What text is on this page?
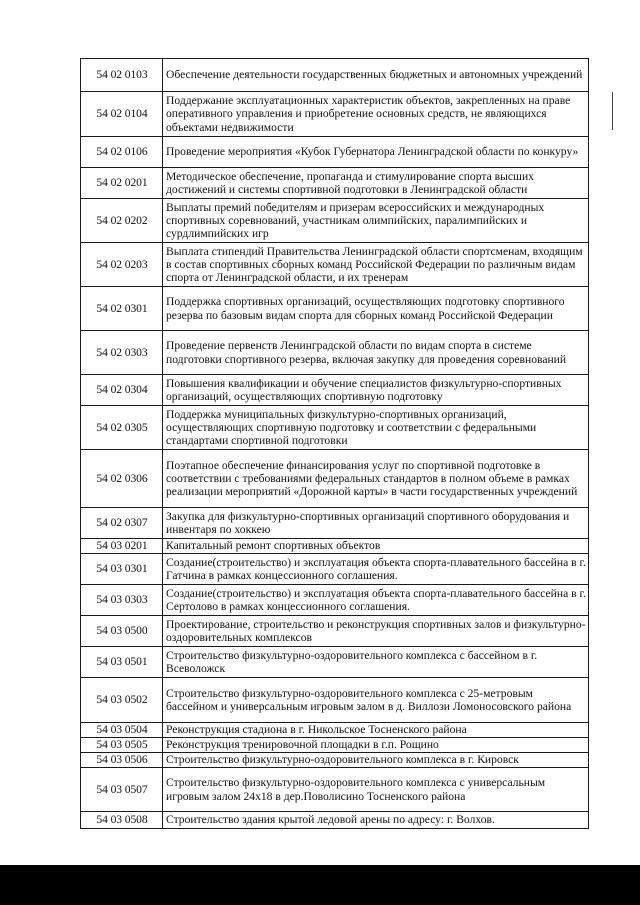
54 02 0103	Обеспечение деятельности государственных бюджетных и автономных учреждений
54 02 0104	Поддержание эксплуатационных характеристик объектов, закрепленных на праве оперативного управления и приобретение основных средств, не являющихся объектами недвижимости
54 02 0106	Проведение мероприятия «Кубок Губернатора Ленинградской области по конкуру»
54 02 0201	Методическое обеспечение, пропаганда и стимулирование спорта высших достижений и системы спортивной подготовки в Ленинградской области
54 02 0202	Выплаты премий победителям и призерам всероссийских и международных спортивных соревнований, участникам олимпийских, паралимпийских и сурдлимпийских игр
54 02 0203	Выплата стипендий Правительства Ленинградской области спортсменам, входящим в состав спортивных сборных команд Российской Федерации по различным видам спорта от Ленинградской области, и их тренерам
54 02 0301	Поддержка спортивных организаций, осуществляющих подготовку спортивного резерва по базовым видам спорта для сборных команд Российской Федерации
54 02 0303	Проведение первенств Ленинградской области по видам спорта в системе подготовки спортивного резерва, включая закупку для проведения соревнований
54 02 0304	Повышения квалификации и обучение специалистов физкультурно-спортивных организаций, осуществляющих спортивную подготовку
54 02 0305	Поддержка муниципальных физкультурно-спортивных организаций, осуществляющих спортивную подготовку и соответствии с федеральными стандартами спортивной подготовки
54 02 0306	Поэтапное обеспечение финансирования услуг по спортивной подготовке в соответствии с требованиями федеральных стандартов в полном объеме в рамках реализации мероприятий «Дорожной карты» в части государственных учреждений
54 02 0307	Закупка для физкультурно-спортивных организаций спортивного оборудования и инвентаря по хоккею
54 03 0201	Капитальный ремонт спортивных объектов
54 03 0301	Создание(строительство) и эксплуатация объекта спорта-плавательного бассейна в г. Гатчина в рамках концессионного соглашения.
54 03 0303	Создание(строительство) и эксплуатация объекта спорта-плавательного бассейна в г. Сертолово в рамках концессионного соглашения.
54 03 0500	Проектирование, строительство и реконструкция спортивных залов и физкультурно-оздоровительных комплексов
54 03 0501	Строительство физкультурно-оздоровительного комплекса с бассейном в г. Всеволожск
54 03 0502	Строительство физкультурно-оздоровительного комплекса с 25-метровым бассейном и универсальным игровым залом в д. Виллози Ломоносовского района
54 03 0504	Реконструкция стадиона в г. Никольское Тосненского района
54 03 0505	Реконструкция тренировочной площадки в г.п. Рощино
54 03 0506	Строительство физкультурно-оздоровительного комплекса в г. Кировск
54 03 0507	Строительство физкультурно-оздоровительного комплекса с универсальным игровым залом 24х18 в дер.Поволисино Тосненского района
54 03 0508	Строительство здания крытой ледовой арены по адресу: г. Волхов.
